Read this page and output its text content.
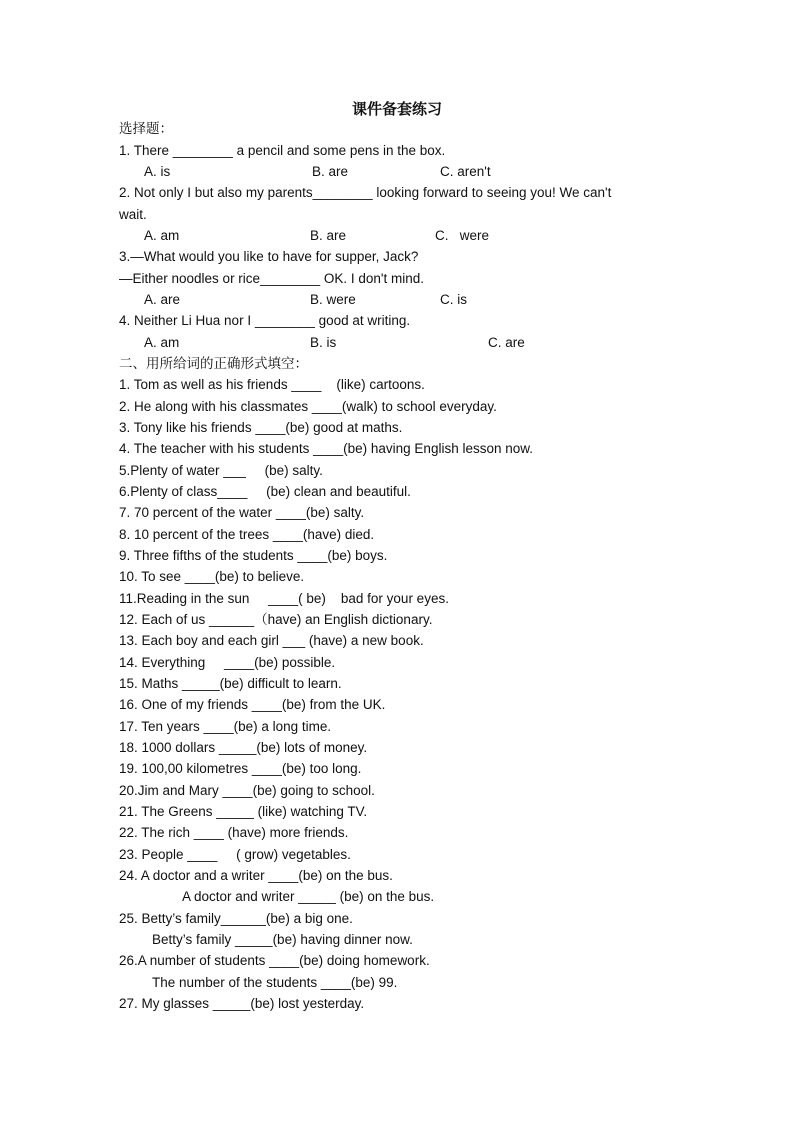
课件备套练习
选择题：
1. There ________ a pencil and some pens in the box.
A. is	B. are	C. aren't
2. Not only I but also my parents________ looking forward to seeing you! We can't
wait.
A. am	B. are	C.   were
3.—What would you like to have for supper, Jack?
—Either noodles or rice________ OK. I don't mind.
A. are	B. were	C. is
4. Neither Li Hua nor I ________ good at writing.
A. am	B. is	C. are
二、用所给词的正确形式填空：
1. Tom as well as his friends ____    (like) cartoons.
2. He along with his classmates ____(walk) to school everyday.
3. Tony like his friends ____(be) good at maths.
4. The teacher with his students ____(be) having English lesson now.
5.Plenty of water ___     (be) salty.
6.Plenty of class____     (be) clean and beautiful.
7. 70 percent of the water ____(be) salty.
8. 10 percent of the trees ____(have) died.
9. Three fifths of the students ____(be) boys.
10. To see ____(be) to believe.
11.Reading in the sun     ____( be)    bad for your eyes.
12. Each of us ______（have) an English dictionary.
13. Each boy and each girl ___ (have) a new book.
14. Everything     ____(be) possible.
15. Maths _____(be) difficult to learn.
16. One of my friends ____(be) from the UK.
17. Ten years ____(be) a long time.
18. 1000 dollars _____(be) lots of money.
19. 100,00 kilometres ____(be) too long.
20.Jim and Mary ____(be) going to school.
21. The Greens _____ (like) watching TV.
22. The rich ____ (have) more friends.
23. People ____     ( grow) vegetables.
24. A doctor and a writer ____(be) on the bus.
A doctor and writer _____ (be) on the bus.
25. Betty’s family______(be) a big one.
Betty’s family _____(be) having dinner now.
26.A number of students ____(be) doing homework.
The number of the students ____(be) 99.
27. My glasses _____(be) lost yesterday.
